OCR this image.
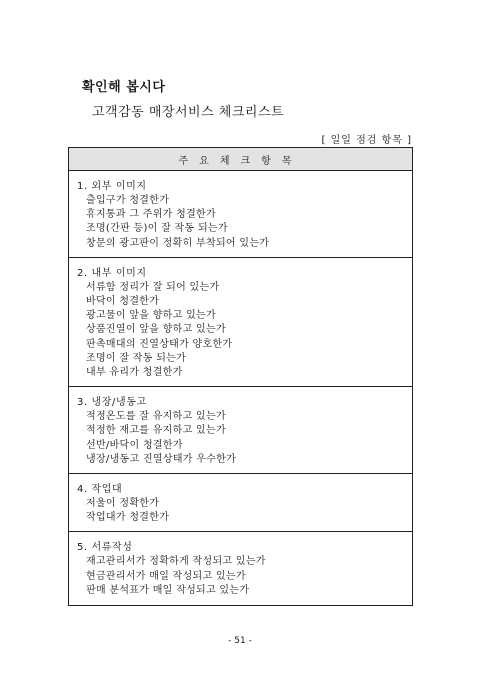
확인해 봅시다
고객감동 매장서비스 체크리스트
[ 일일 점검 항목 ]
주요체크항목

1. 외부 이미지
출입구가 청결한가
휴지통과 그 주위가 청결한가
조명(간판 등)이 잘 작동 되는가
창문의 광고판이 정확히 부착되어 있는가

2. 내부 이미지
서류함 정리가 잘 되어 있는가
바닥이 청결한가
광고물이 앞을 향하고 있는가
상품진열이 앞을 향하고 있는가
판촉매대의 진열상태가 양호한가
조명이 잘 작동 되는가
내부 유리가 청결한가

3. 냉장/냉동고
적정온도를 잘 유지하고 있는가
적정한 재고를 유지하고 있는가
선반/바닥이 청결한가
냉장/냉동고 진열상태가 우수한가

4. 작업대
저울이 정확한가
작업대가 청결한가

5. 서류작성
재고관리서가 정확하게 작성되고 있는가
현금관리서가 매일 작성되고 있는가
판매 분석표가 매일 작성되고 있는가
- 51 -
